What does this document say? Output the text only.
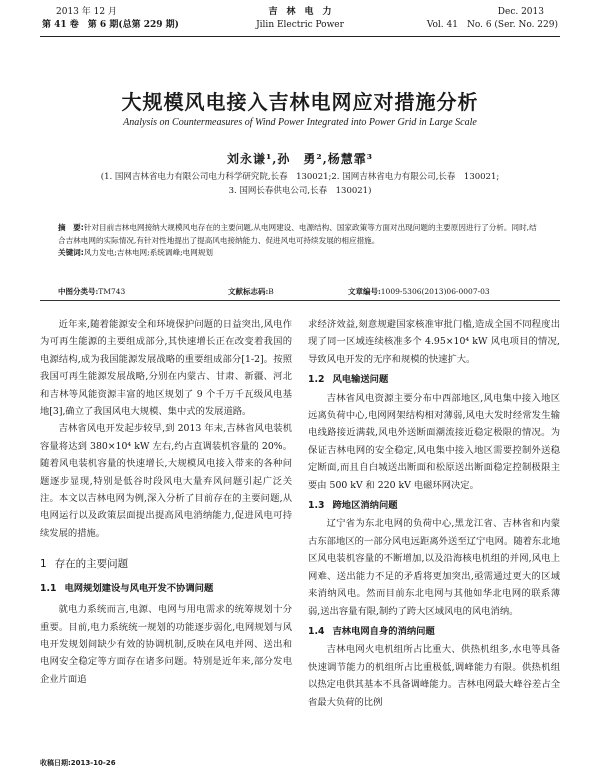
2013 年 12 月
第 41 卷　第 6 期(总第 229 期)
吉　林　电　力
Jilin Electric Power
Dec. 2013
Vol. 41　No. 6 (Ser. No. 229)
大规模风电接入吉林电网应对措施分析
Analysis on Countermeasures of Wind Power Integrated into Power Grid in Large Scale
刘永谦¹,孙　勇²,杨慧霏³
(1. 国网吉林省电力有限公司电力科学研究院,长春　130021;2. 国网吉林省电力有限公司,长春　130021;
3. 国网长春供电公司,长春　130021)
摘　要:针对目前吉林电网接纳大规模风电存在的主要问题,从电网建设、电源结构、国家政策等方面对出现问题的主要原因进行了分析。同时,结合吉林电网的实际情况,有针对性地提出了提高风电接纳能力、促进风电可持续发展的相应措施。
关键词:风力发电;吉林电网;系统调峰;电网规划
中图分类号:TM743	文献标志码:B	文章编号:1009-5306(2013)06-0007-03

近年来,随着能源安全和环境保护问题的日益突出,风电作为可再生能源的主要组成部分,其快速增长正在改变着我国的电源结构,成为我国能源发展战略的重要组成部分[1-2]。按照我国可再生能源发展战略,分别在内蒙古、甘肃、新疆、河北和吉林等风能资源丰富的地区规划了 9 个千万千瓦级风电基地[3],确立了我国风电大规模、集中式的发展道路。

吉林省风电开发起步较早,到 2013 年末,吉林省风电装机容量将达到 380×10⁴ kW 左右,约占直调装机容量的 20%。随着风电装机容量的快速增长,大规模风电接入带来的各种问题逐步显现,特别是低谷时段风电大量弃风问题引起广泛关注。本文以吉林电网为例,深入分析了目前存在的主要问题,从电网运行以及政策层面提出提高风电消纳能力,促进风电可持续发展的措施。

1 存在的主要问题
1.1 电网规划建设与风电开发不协调问题

就电力系统而言,电源、电网与用电需求的统筹规划十分重要。目前,电力系统统一规划的功能逐步弱化,电网规划与风电开发规划间缺少有效的协调机制,反映在风电并网、送出和电网安全稳定等方面存在诸多问题。特别是近年来,部分发电企业片面追

求经济效益,刻意规避国家核准审批门槛,造成全国不同程度出现了同一区域连续核准多个 4.95×10⁴ kW 风电项目的情况,导致风电开发的无序和规模的快速扩大。

1.2 风电输送问题

吉林省风电资源主要分布中西部地区,风电集中接入地区远离负荷中心,电网网架结构相对薄弱,风电大发时经常发生输电线路接近满载,风电外送断面潮流接近稳定极限的情况。为保证吉林电网的安全稳定,风电集中接入地区需要控制外送稳定断面,而且自白城送出断面和松原送出断面稳定控制极限主要由 500 kV 和 220 kV 电磁环网决定。

1.3 跨地区消纳问题

辽宁省为东北电网的负荷中心,黑龙江省、吉林省和内蒙古东部地区的一部分风电远距离外送至辽宁电网。随着东北地区风电装机容量的不断增加,以及沿海核电机组的并网,风电上网难、送出能力不足的矛盾将更加突出,亟需通过更大的区域来消纳风电。然而目前东北电网与其他如华北电网的联系薄弱,送出容量有限,制约了跨大区域风电的风电消纳。

1.4 吉林电网自身的消纳问题

吉林电网火电机组所占比重大、供热机组多,水电等具备快速调节能力的机组所占比重极低,调峰能力有限。供热机组以热定电供其基本不具备调峰能力。吉林电网最大峰谷差占全省最大负荷的比例

收稿日期:2013-10-26
